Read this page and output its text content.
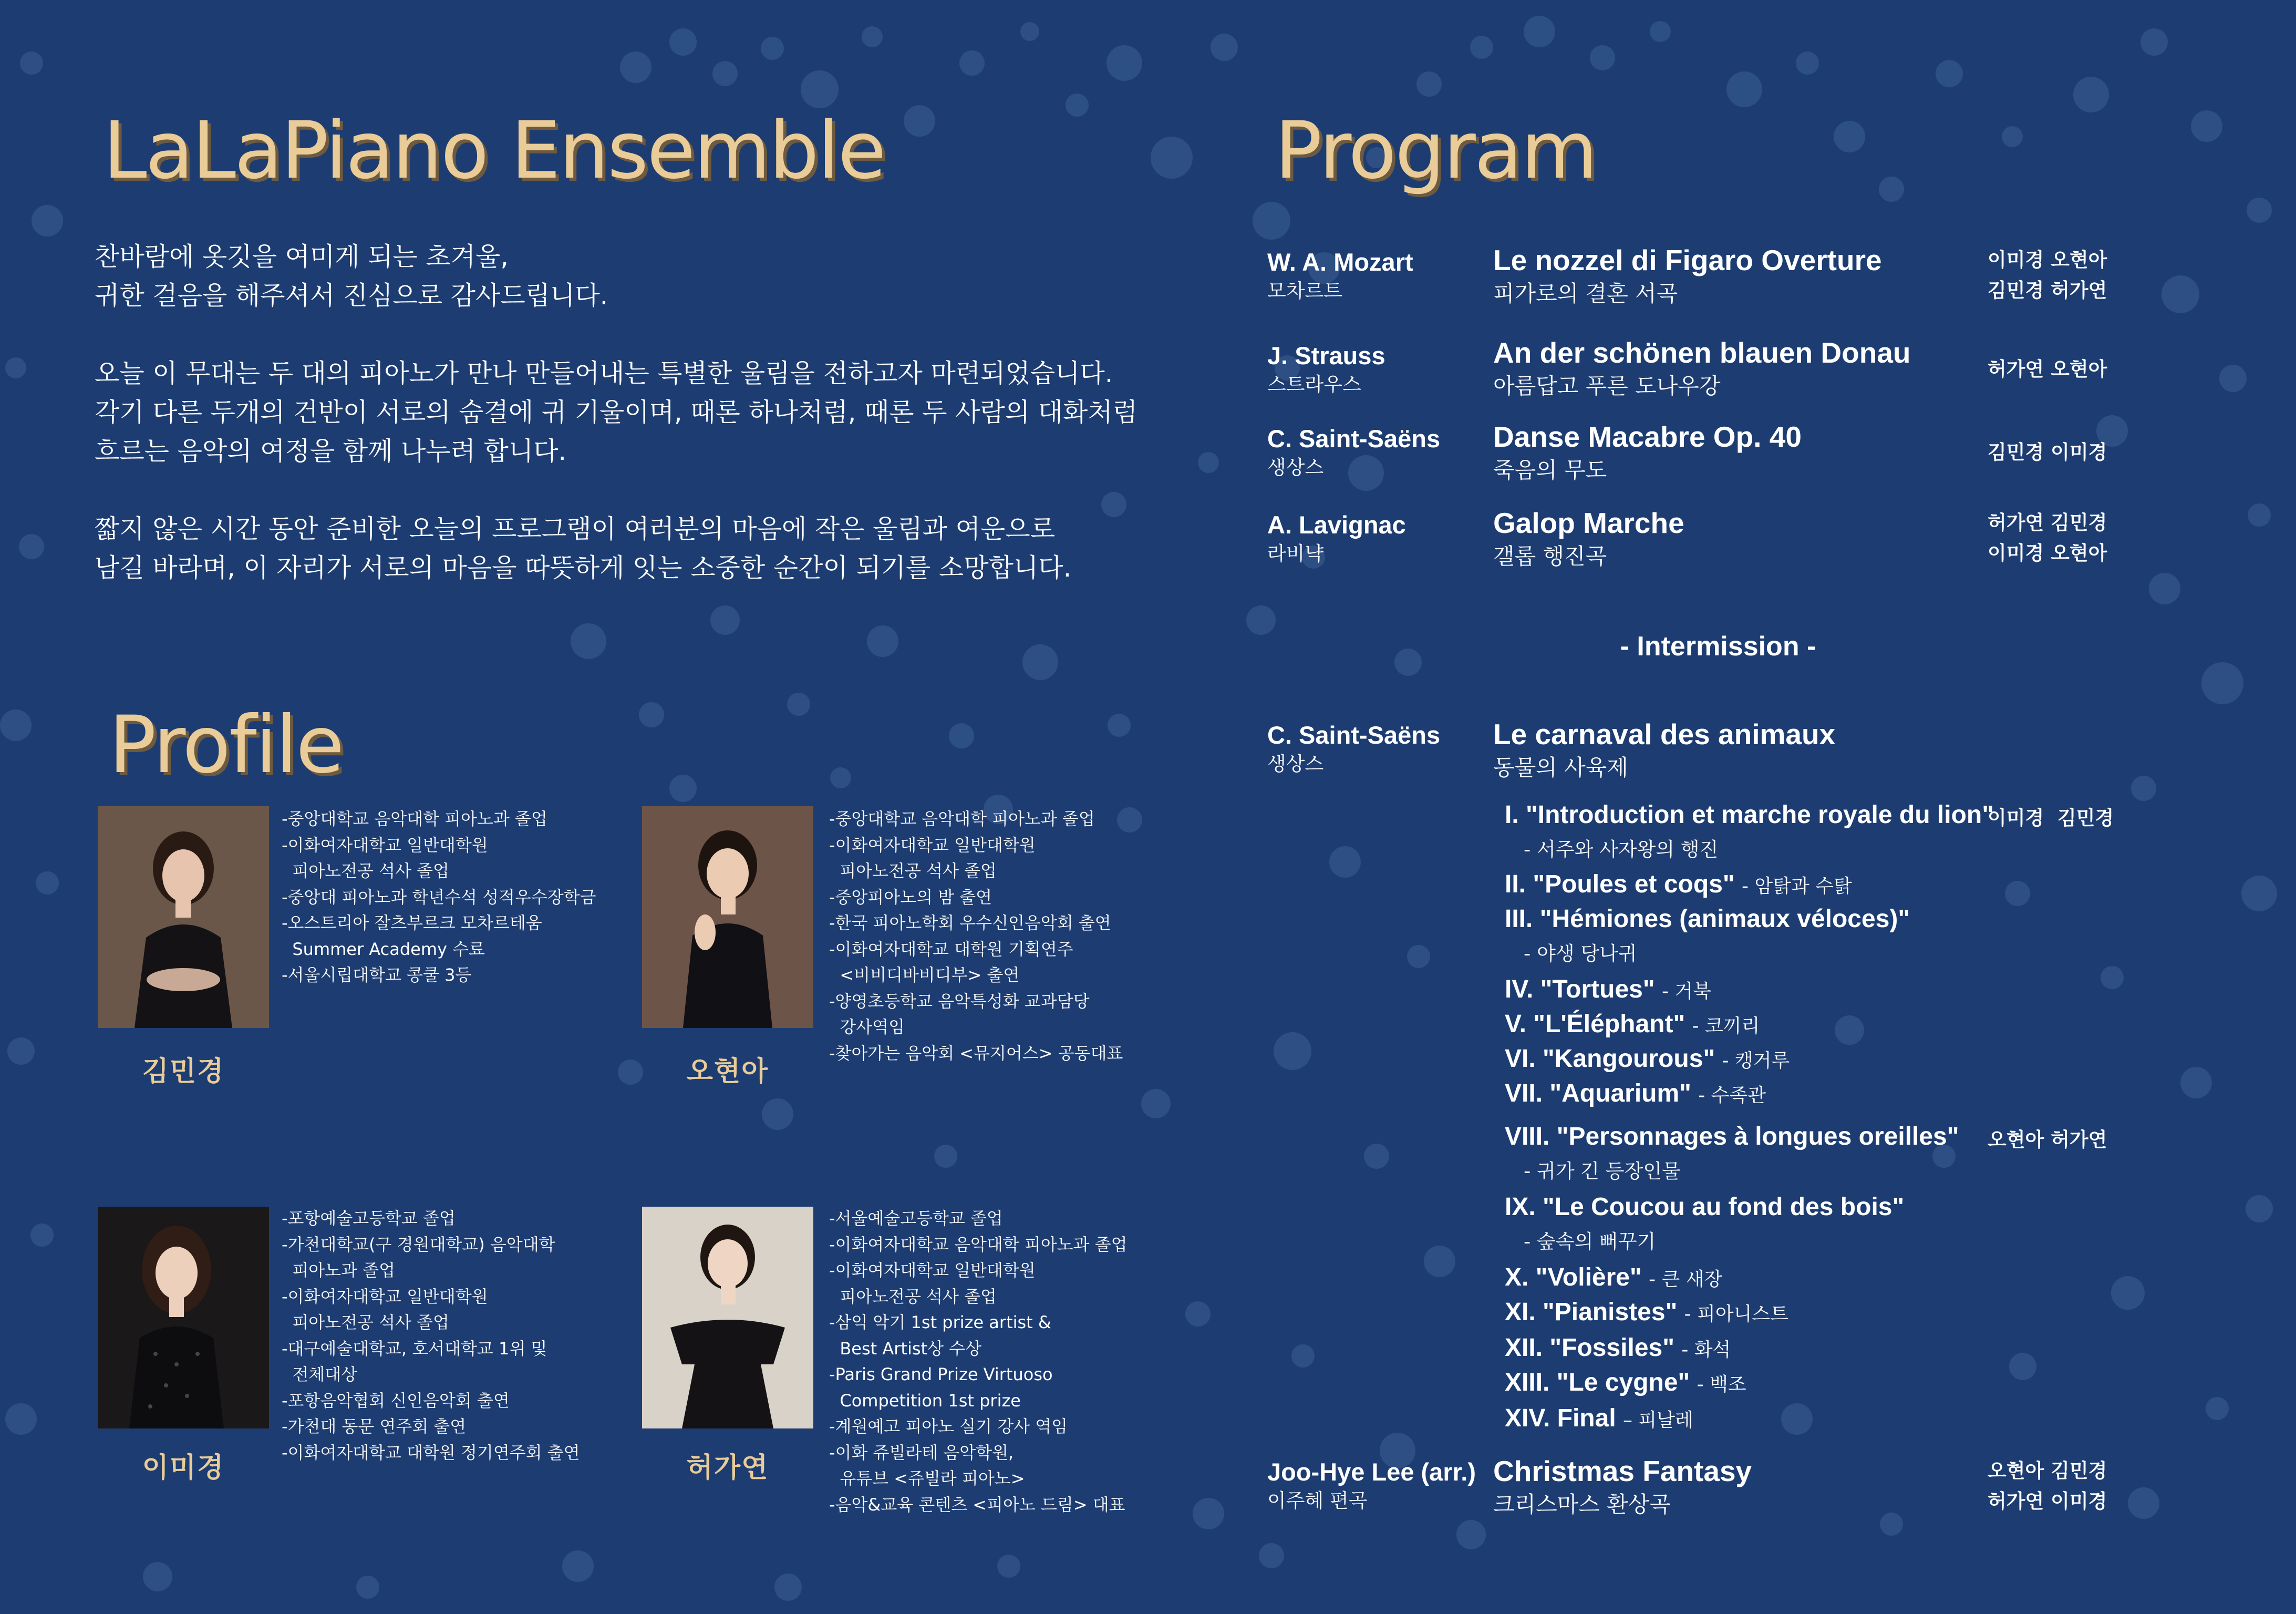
LaLaPiano Ensemble

찬바람에 옷깃을 여미게 되는 초겨울,
귀한 걸음을 해주셔서 진심으로 감사드립니다.

오늘 이 무대는 두 대의 피아노가 만나 만들어내는 특별한 울림을 전하고자 마련되었습니다.
각기 다른 두개의 건반이 서로의 숨결에 귀 기울이며, 때론 하나처럼, 때론 두 사람의 대화처럼
흐르는 음악의 여정을 함께 나누려 합니다.

짧지 않은 시간 동안 준비한 오늘의 프로그램이 여러분의 마음에 작은 울림과 여운으로
남길 바라며, 이 자리가 서로의 마음을 따뜻하게 잇는 소중한 순간이 되기를 소망합니다.

Profile
김민경
-중앙대학교 음악대학 피아노과 졸업
-이화여자대학교 일반대학원
피아노전공 석사 졸업
-중앙대 피아노과 학년수석 성적우수장학금
-오스트리아 잘츠부르크 모차르테움
Summer Academy 수료
-서울시립대학교 콩쿨 3등
오현아
-중앙대학교 음악대학 피아노과 졸업
-이화여자대학교 일반대학원
피아노전공 석사 졸업
-중앙피아노의 밤 출연
-한국 피아노학회 우수신인음악회 출연
-이화여자대학교 대학원 기획연주
<비비디바비디부> 출연
-양영초등학교 음악특성화 교과담당
강사역임
-찾아가는 음악회 <뮤지어스> 공동대표
이미경
-포항예술고등학교 졸업
-가천대학교(구 경원대학교) 음악대학
피아노과 졸업
-이화여자대학교 일반대학원
피아노전공 석사 졸업
-대구예술대학교, 호서대학교 1위 및
전체대상
-포항음악협회 신인음악회 출연
-가천대 동문 연주회 출연
-이화여자대학교 대학원 정기연주회 출연	허가연
-서울예술고등학교 졸업
-이화여자대학교 음악대학 피아노과 졸업
-이화여자대학교 일반대학원
피아노전공 석사 졸업
-삼익 악기 1st prize artist &
Best Artist상 수상
-Paris Grand Prize Virtuoso
Competition 1st prize
-계원예고 피아노 실기 강사 역임
-이화 쥬빌라테 음악학원,
유튜브 <쥬빌라 피아노>
-음악&교육 콘텐츠 <피아노 드림> 대표
Program
W. A. Mozart
모차르트
Le nozzel di Figaro Overture
피가로의 결혼 서곡
이미경 오현아
김민경 허가연
J. Strauss
스트라우스
An der schönen blauen Donau
아름답고 푸른 도나우강
허가연 오현아
C. Saint-Saëns
생상스
Danse Macabre Op. 40
죽음의 무도
김민경 이미경
A. Lavignac
라비냑
Galop Marche
갤롭 행진곡
허가연 김민경
이미경 오현아
- Intermission -
C. Saint-Saëns
생상스
Le carnaval des animaux
동물의 사육제
이미경  김민경
오현아 허가연
I. "Introduction et marche royale du lion"
- 서주와 사자왕의 행진
II. "Poules et coqs" - 암탉과 수탉
III. "Hémiones (animaux véloces)"
- 야생 당나귀
IV. "Tortues" - 거북
V. "L'Éléphant" - 코끼리
VI. "Kangourous" - 캥거루
VII. "Aquarium" - 수족관
VIII. "Personnages à longues oreilles"
- 귀가 긴 등장인물
IX. "Le Coucou au fond des bois"
- 숲속의 뻐꾸기
X. "Volière" - 큰 새장
XI. "Pianistes" - 피아니스트
XII. "Fossiles" - 화석
XIII. "Le cygne" - 백조
XIV. Final – 피날레
Joo-Hye Lee (arr.)
이주혜 편곡
Christmas Fantasy
크리스마스 환상곡
오현아 김민경
허가연 이미경
